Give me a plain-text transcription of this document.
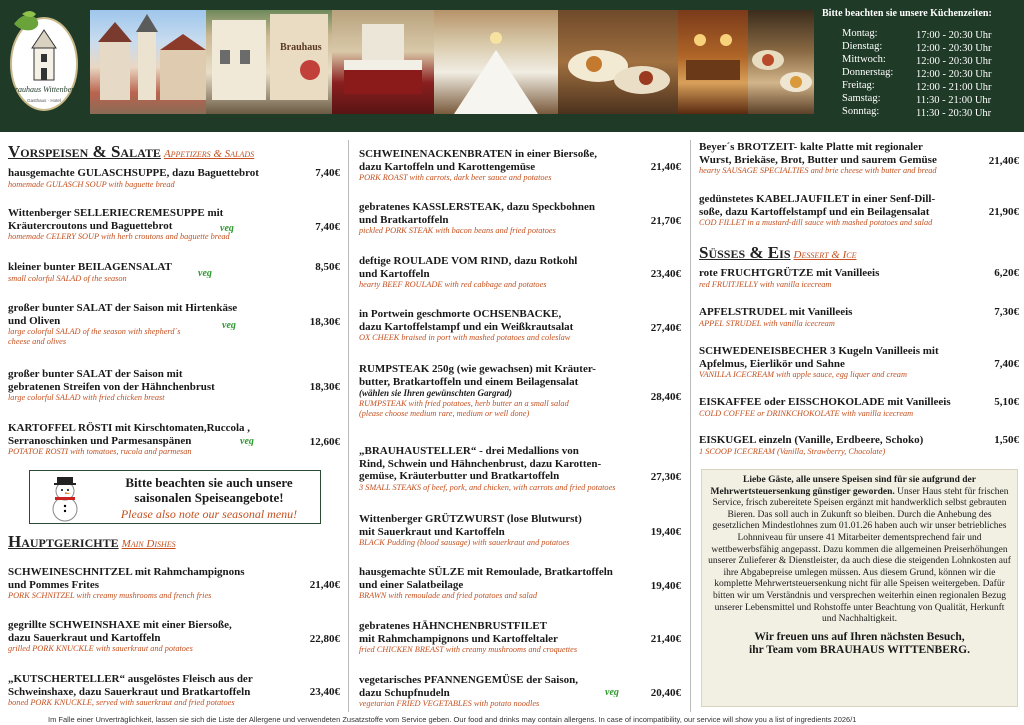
Brauhaus Wittenberg
Gasthaus · Hotel
Brauhaus
Bitte beachten sie unsere Küchenzeiten:
Montag:	17:00 - 20:30 Uhr
Dienstag:	12:00 - 20:30 Uhr
Mittwoch:	12:00 - 20:30 Uhr
Donnerstag: 12:00 - 20:30 Uhr
Freitag:	12:00 - 21:00 Uhr
Samstag:	11:30 - 21:00 Uhr
Sonntag:	11:30 - 20:30 Uhr
Vorspeisen & Salate Appetizers & Salads
hausgemachte GULASCHSUPPE, dazu Baguettebrot
homemade GULASCH SOUP with baguette bread
7,40€
Wittenberger SELLERIECREMESUPPE mit
Kräutercroutons und Baguettebrot
homemade CELERY SOUP with herb croutons and baguette bread
7,40€
veg
kleiner bunter BEILAGENSALAT
small colorful SALAD of the season
8,50€
veg
großer bunter SALAT der Saison mit Hirtenkäse
und Oliven
large colorful SALAD of the season with shepherd´s
cheese and olives
18,30€
veg
großer bunter SALAT der Saison mit
gebratenen Streifen von der Hähnchenbrust
large colorful SALAD with fried chicken breast
18,30€
KARTOFFEL RÖSTI mit Kirschtomaten,Ruccola ,
Serranoschinken und Parmesanspänen
POTATOE ROSTI with tomatoes, rucola and parmesan
12,60€
veg
Bitte beachten sie auch unsere
saisonalen Speiseangebote!
Please also note our seasonal menu!
Hauptgerichte Main Dishes
SCHWEINESCHNITZEL mit Rahmchampignons
und Pommes Frites
PORK SCHNITZEL with creamy mushrooms and french fries
21,40€
gegrillte SCHWEINSHAXE mit einer Biersoße,
dazu Sauerkraut und Kartoffeln
grilled PORK KNUCKLE with sauerkraut and potatoes
22,80€
„KUTSCHERTELLER“ ausgelöstes Fleisch aus der
Schweinshaxe, dazu Sauerkraut und Bratkartoffeln
boned PORK KNUCKLE, served with sauerkraut and fried potatoes
23,40€
SCHWEINENACKENBRATEN in einer Biersoße,
dazu Kartoffeln und Karottengemüse
PORK ROAST with carrots, dark beer sauce and potatoes
21,40€
gebratenes KASSLERSTEAK, dazu Speckbohnen
und Bratkartoffeln
pickled PORK STEAK with bacon beans and fried potatoes
21,70€
deftige ROULADE VOM RIND, dazu Rotkohl
und Kartoffeln
hearty BEEF ROULADE with red cabbage and potatoes
23,40€
in Portwein geschmorte OCHSENBACKE,
dazu Kartoffelstampf und ein Weißkrautsalat
OX CHEEK braised in port with mashed potatoes and coleslaw
27,40€
RUMPSTEAK 250g (wie gewachsen) mit Kräuter-
butter, Bratkartoffeln und einem Beilagensalat
(wählen sie Ihren gewünschten Gargrad)
RUMPSTEAK with fried potatoes, herb butter an a small salad
(please choose medium rare, medium or well done)
28,40€
„BRAUHAUSTELLER“ - drei Medallions von
Rind, Schwein und Hähnchenbrust, dazu Karotten-
gemüse, Kräuterbutter und Bratkartoffeln
3 SMALL STEAKS of beef, pork, and chicken, with carrots and fried potatoes
27,30€
Wittenberger GRÜTZWURST (lose Blutwurst)
mit Sauerkraut und Kartoffeln
BLACK Pudding (blood sausage) with sauerkraut and potatoes
19,40€
hausgemachte SÜLZE mit Remoulade, Bratkartoffeln
und einer Salatbeilage
BRAWN with remoulade and fried potatoes and salad
19,40€
gebratenes HÄHNCHENBRUSTFILET
mit Rahmchampignons und Kartoffeltaler
fried CHICKEN BREAST with creamy mushrooms and croquettes
21,40€
vegetarisches PFANNENGEMÜSE der Saison,
dazu Schupfnudeln
vegetarian FRIED VEGETABLES with potato noodles
20,40€
veg
Beyer´s BROTZEIT- kalte Platte mit regionaler
Wurst, Briekäse, Brot, Butter und saurem Gemüse
hearty SAUSAGE SPECIALTIES and brie cheese with butter and bread
21,40€
gedünstetes KABELJAUFILET in einer Senf-Dill-
soße, dazu Kartoffelstampf und ein Beilagensalat
COD FILLET in a mustard-dill sauce with mashed potatoes and salad
21,90€
Süsses & Eis Dessert & Ice
rote FRUCHTGRÜTZE mit Vanilleeis
red FRUITJELLY with vanilla icecream
6,20€
APFELSTRUDEL mit Vanilleeis
APPEL STRUDEL with vanilla icecream
7,30€
SCHWEDENEISBECHER 3 Kugeln Vanilleeis mit
Apfelmus, Eierlikör und Sahne
VANILLA ICECREAM with apple sauce, egg liquer and cream
7,40€
EISKAFFEE oder EISSCHOKOLADE mit Vanilleeis
COLD COFFEE or DRINKCHOKOLATE with vanilla icecream
5,10€
EISKUGEL einzeln (Vanille, Erdbeere, Schoko)
1 SCOOP ICECREAM (Vanilla, Strawberry, Chocolate)
1,50€
Liebe Gäste, alle unsere Speisen sind für sie aufgrund der Mehrwertsteuersenkung günstiger geworden. Unser Haus steht für frischen Service, frisch zubereitete Speisen ergänzt mit handwerklich selbst gebrauten Bieren. Das soll auch in Zukunft so bleiben. Durch die Anhebung des gesetzlichen Mindestlohnes zum 01.01.26 haben auch wir unser betriebliches Lohnniveau für unsere 41 Mitarbeiter dementsprechend fair und wettbewerbsfähig angepasst. Dazu kommen die allgemeinen Preiserhöhungen unserer Zulieferer & Dienstleister, da auch diese die steigenden Lohnkosten auf ihre Abgabepreise umlegen müssen. Aus diesem Grund, können wir die komplette Mehrwertsteuersenkung nicht für alle Speisen weitergeben. Dafür bitten wir um Verständnis und versprechen weiterhin einen regionalen Bezug unserer Lebensmittel und Rohstoffe unter Beachtung von Qualität, Herkunft und Nachhaltigkeit.
Wir freuen uns auf Ihren nächsten Besuch,
ihr Team vom BRAUHAUS WITTENBERG.
Im Falle einer Unverträglichkeit, lassen sie sich die Liste der Allergene und verwendeten Zusatzstoffe vom Service geben. Our food and drinks may contain allergens. In case of incompatibility, our service will show you a list of ingredients 2026/1
